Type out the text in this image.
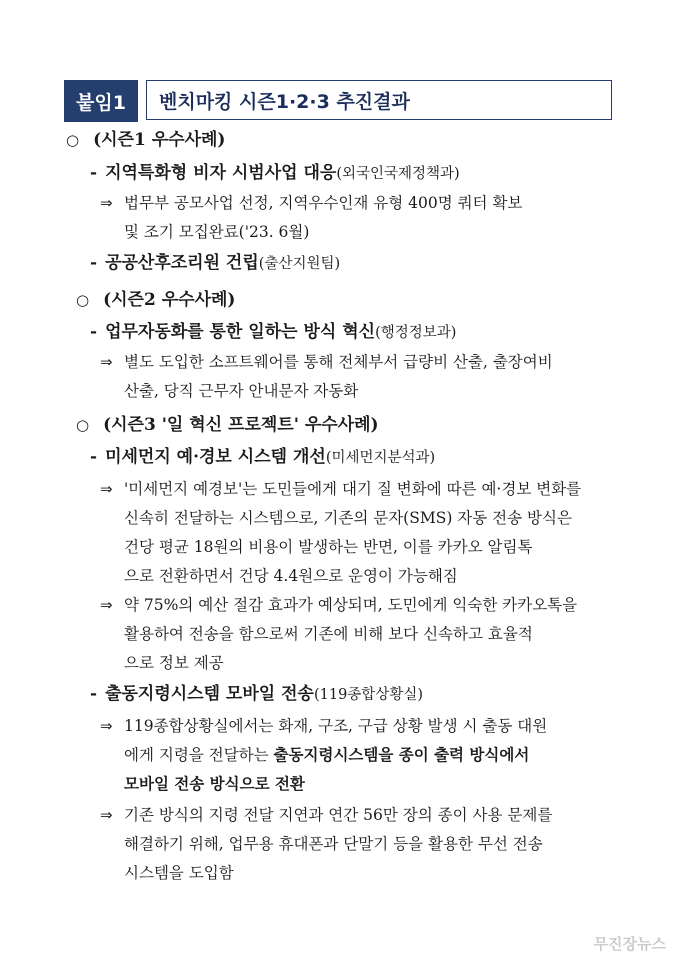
붙임1	벤치마킹 시즌1·2·3 추진결과
○ (시즌1 우수사례)
- 지역특화형 비자 시범사업 대응(외국인국제정책과)
⇒ 법무부 공모사업 선정, 지역우수인재 유형 400명 쿼터 확보
및 조기 모집완료('23. 6월)
- 공공산후조리원 건립(출산지원팀)
○ (시즌2 우수사례)
- 업무자동화를 통한 일하는 방식 혁신(행정정보과)
⇒ 별도 도입한 소프트웨어를 통해 전체부서 급량비 산출, 출장여비
산출, 당직 근무자 안내문자 자동화
○ (시즌3 '일 혁신 프로젝트' 우수사례)
- 미세먼지 예·경보 시스템 개선(미세먼지분석과)
⇒ '미세먼지 예경보'는 도민들에게 대기 질 변화에 따른 예·경보 변화를
신속히 전달하는 시스템으로, 기존의 문자(SMS) 자동 전송 방식은
건당 평균 18원의 비용이 발생하는 반면, 이를 카카오 알림톡
으로 전환하면서 건당 4.4원으로 운영이 가능해짐
⇒ 약 75%의 예산 절감 효과가 예상되며, 도민에게 익숙한 카카오톡을
활용하여 전송을 함으로써 기존에 비해 보다 신속하고 효율적
으로 정보 제공
- 출동지령시스템 모바일 전송(119종합상황실)
⇒ 119종합상황실에서는 화재, 구조, 구급 상황 발생 시 출동 대원
에게 지령을 전달하는 출동지령시스템을 종이 출력 방식에서
모바일 전송 방식으로 전환
⇒ 기존 방식의 지령 전달 지연과 연간 56만 장의 종이 사용 문제를
해결하기 위해, 업무용 휴대폰과 단말기 등을 활용한 무선 전송
시스템을 도입함
무진장뉴스
